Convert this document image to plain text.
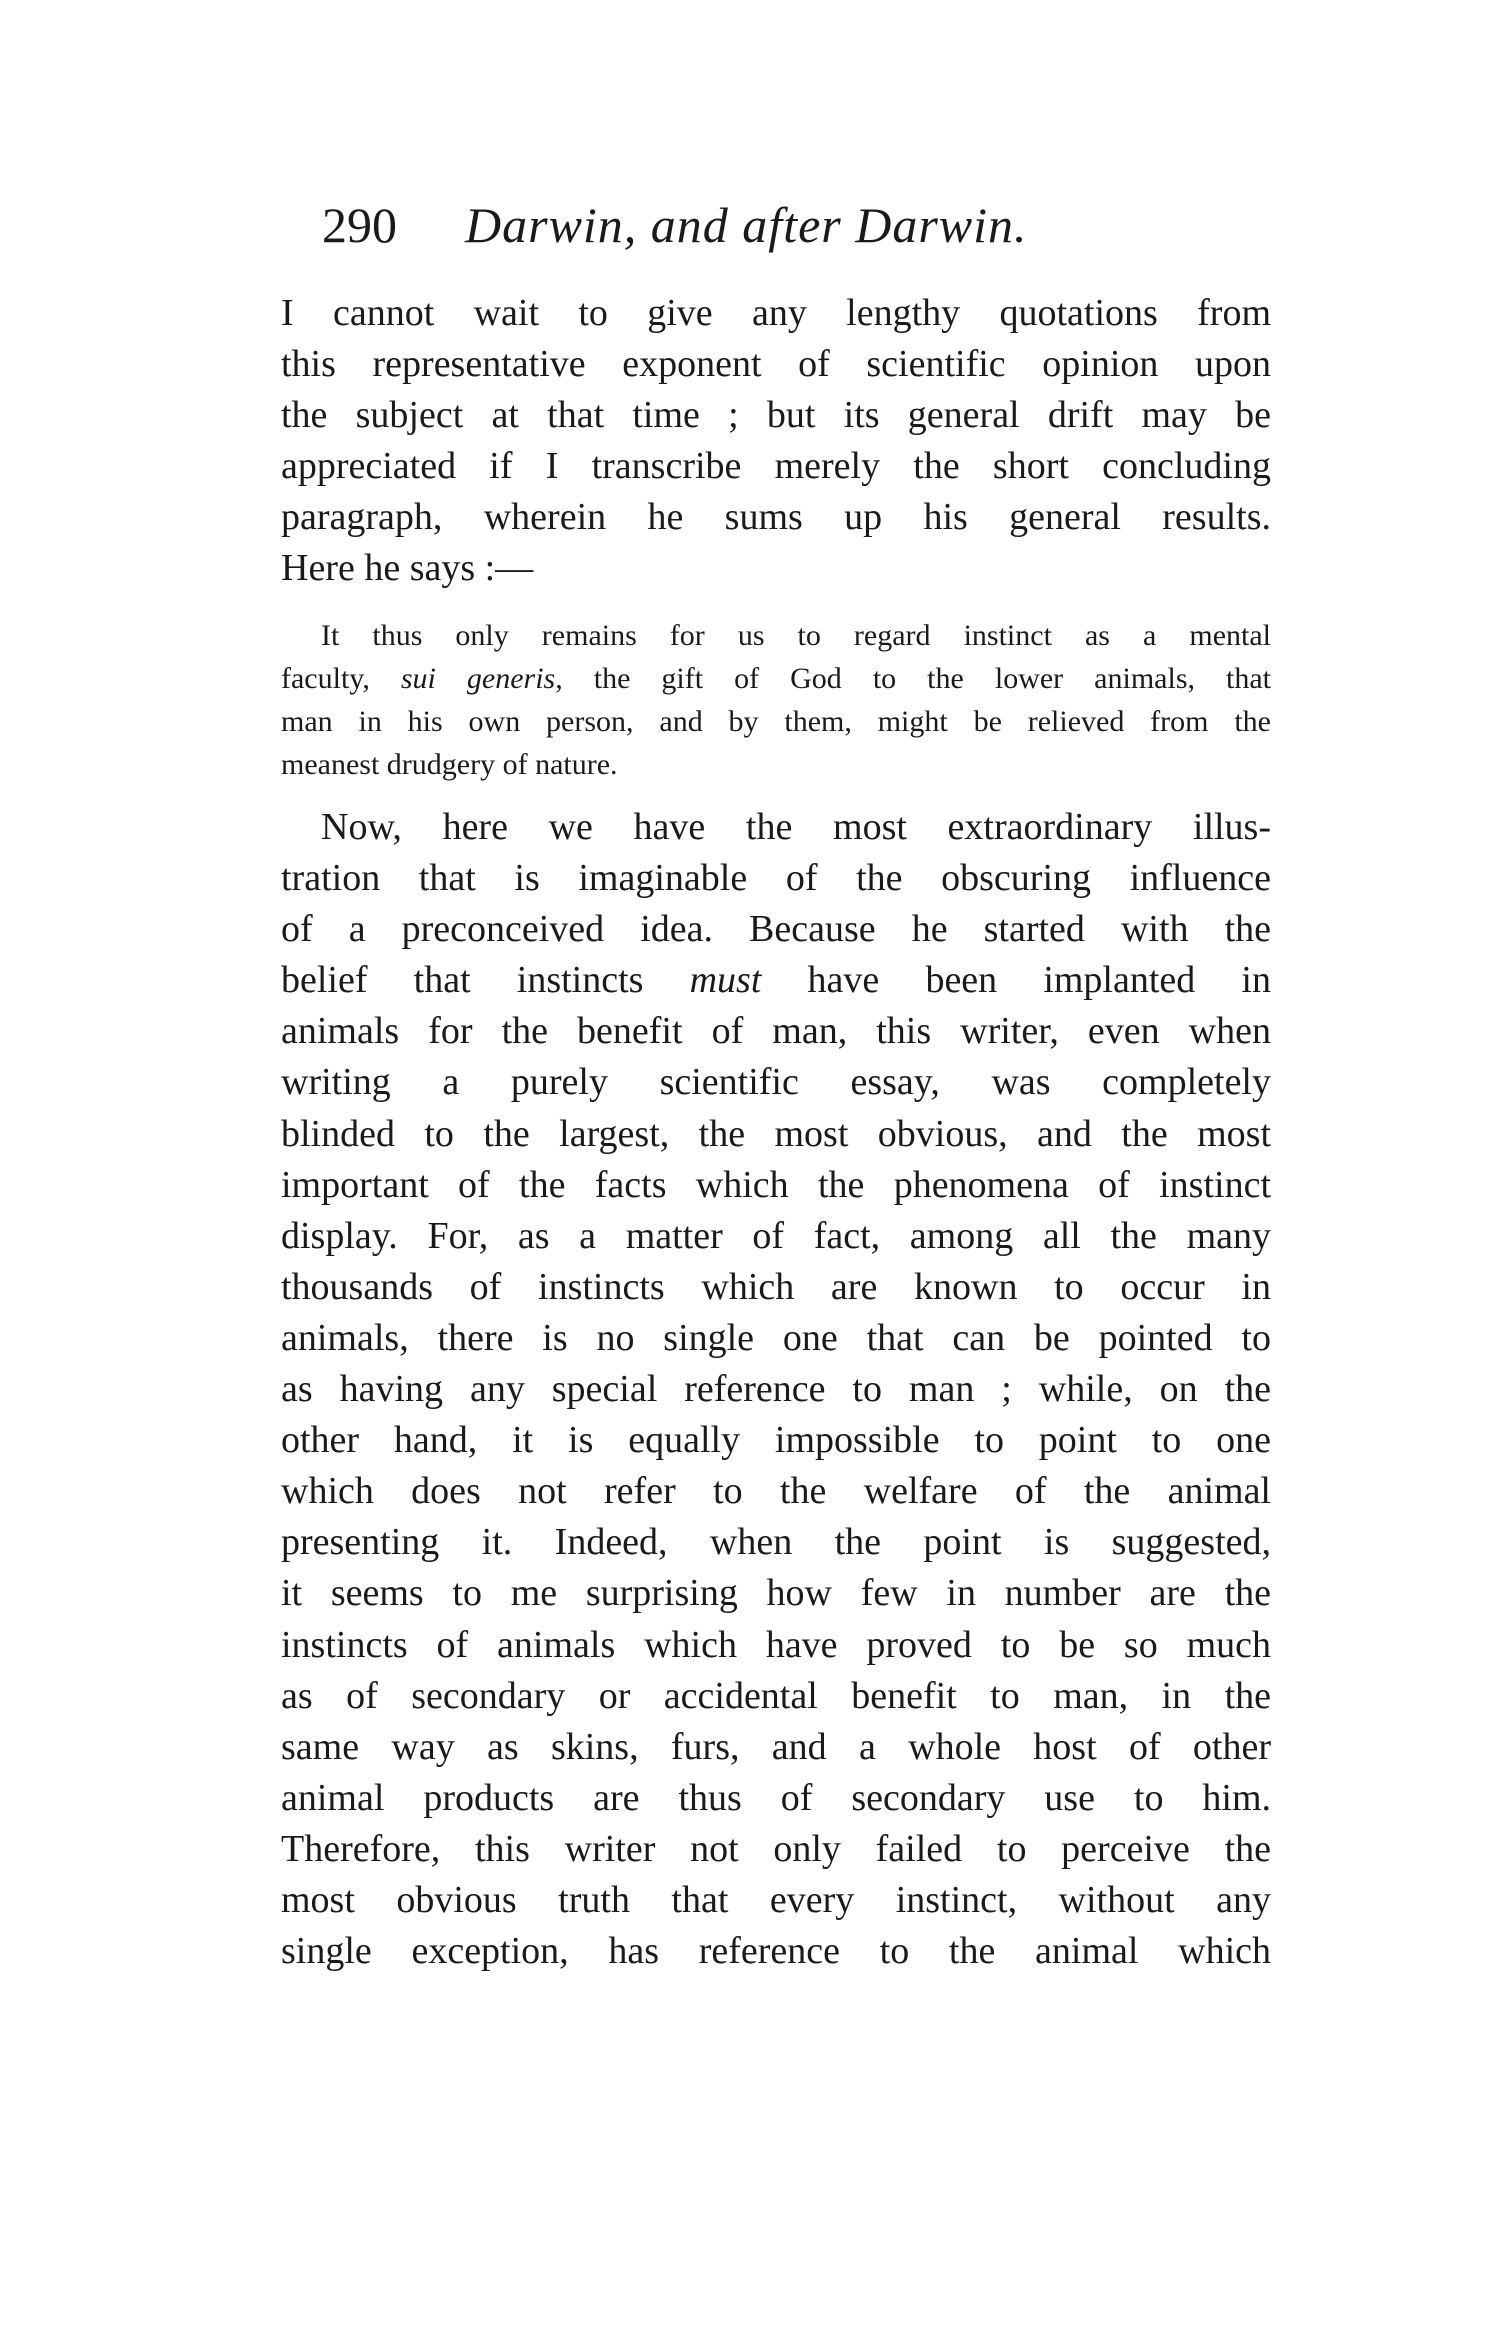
290 Darwin, and after Darwin.
I cannot wait to give any lengthy quotations from
this representative exponent of scientific opinion upon
the subject at that time ; but its general drift may be
appreciated if I transcribe merely the short concluding
paragraph, wherein he sums up his general results.
Here he says :—
It thus only remains for us to regard instinct as a mental
faculty, sui generis, the gift of God to the lower animals, that
man in his own person, and by them, might be relieved from the
meanest drudgery of nature.
Now, here we have the most extraordinary illus-
tration that is imaginable of the obscuring influence
of a preconceived idea. Because he started with the
belief that instincts must have been implanted in
animals for the benefit of man, this writer, even when
writing a purely scientific essay, was completely
blinded to the largest, the most obvious, and the most
important of the facts which the phenomena of instinct
display. For, as a matter of fact, among all the many
thousands of instincts which are known to occur in
animals, there is no single one that can be pointed to
as having any special reference to man ; while, on the
other hand, it is equally impossible to point to one
which does not refer to the welfare of the animal
presenting it. Indeed, when the point is suggested,
it seems to me surprising how few in number are the
instincts of animals which have proved to be so much
as of secondary or accidental benefit to man, in the
same way as skins, furs, and a whole host of other
animal products are thus of secondary use to him.
Therefore, this writer not only failed to perceive the
most obvious truth that every instinct, without any
single exception, has reference to the animal which
